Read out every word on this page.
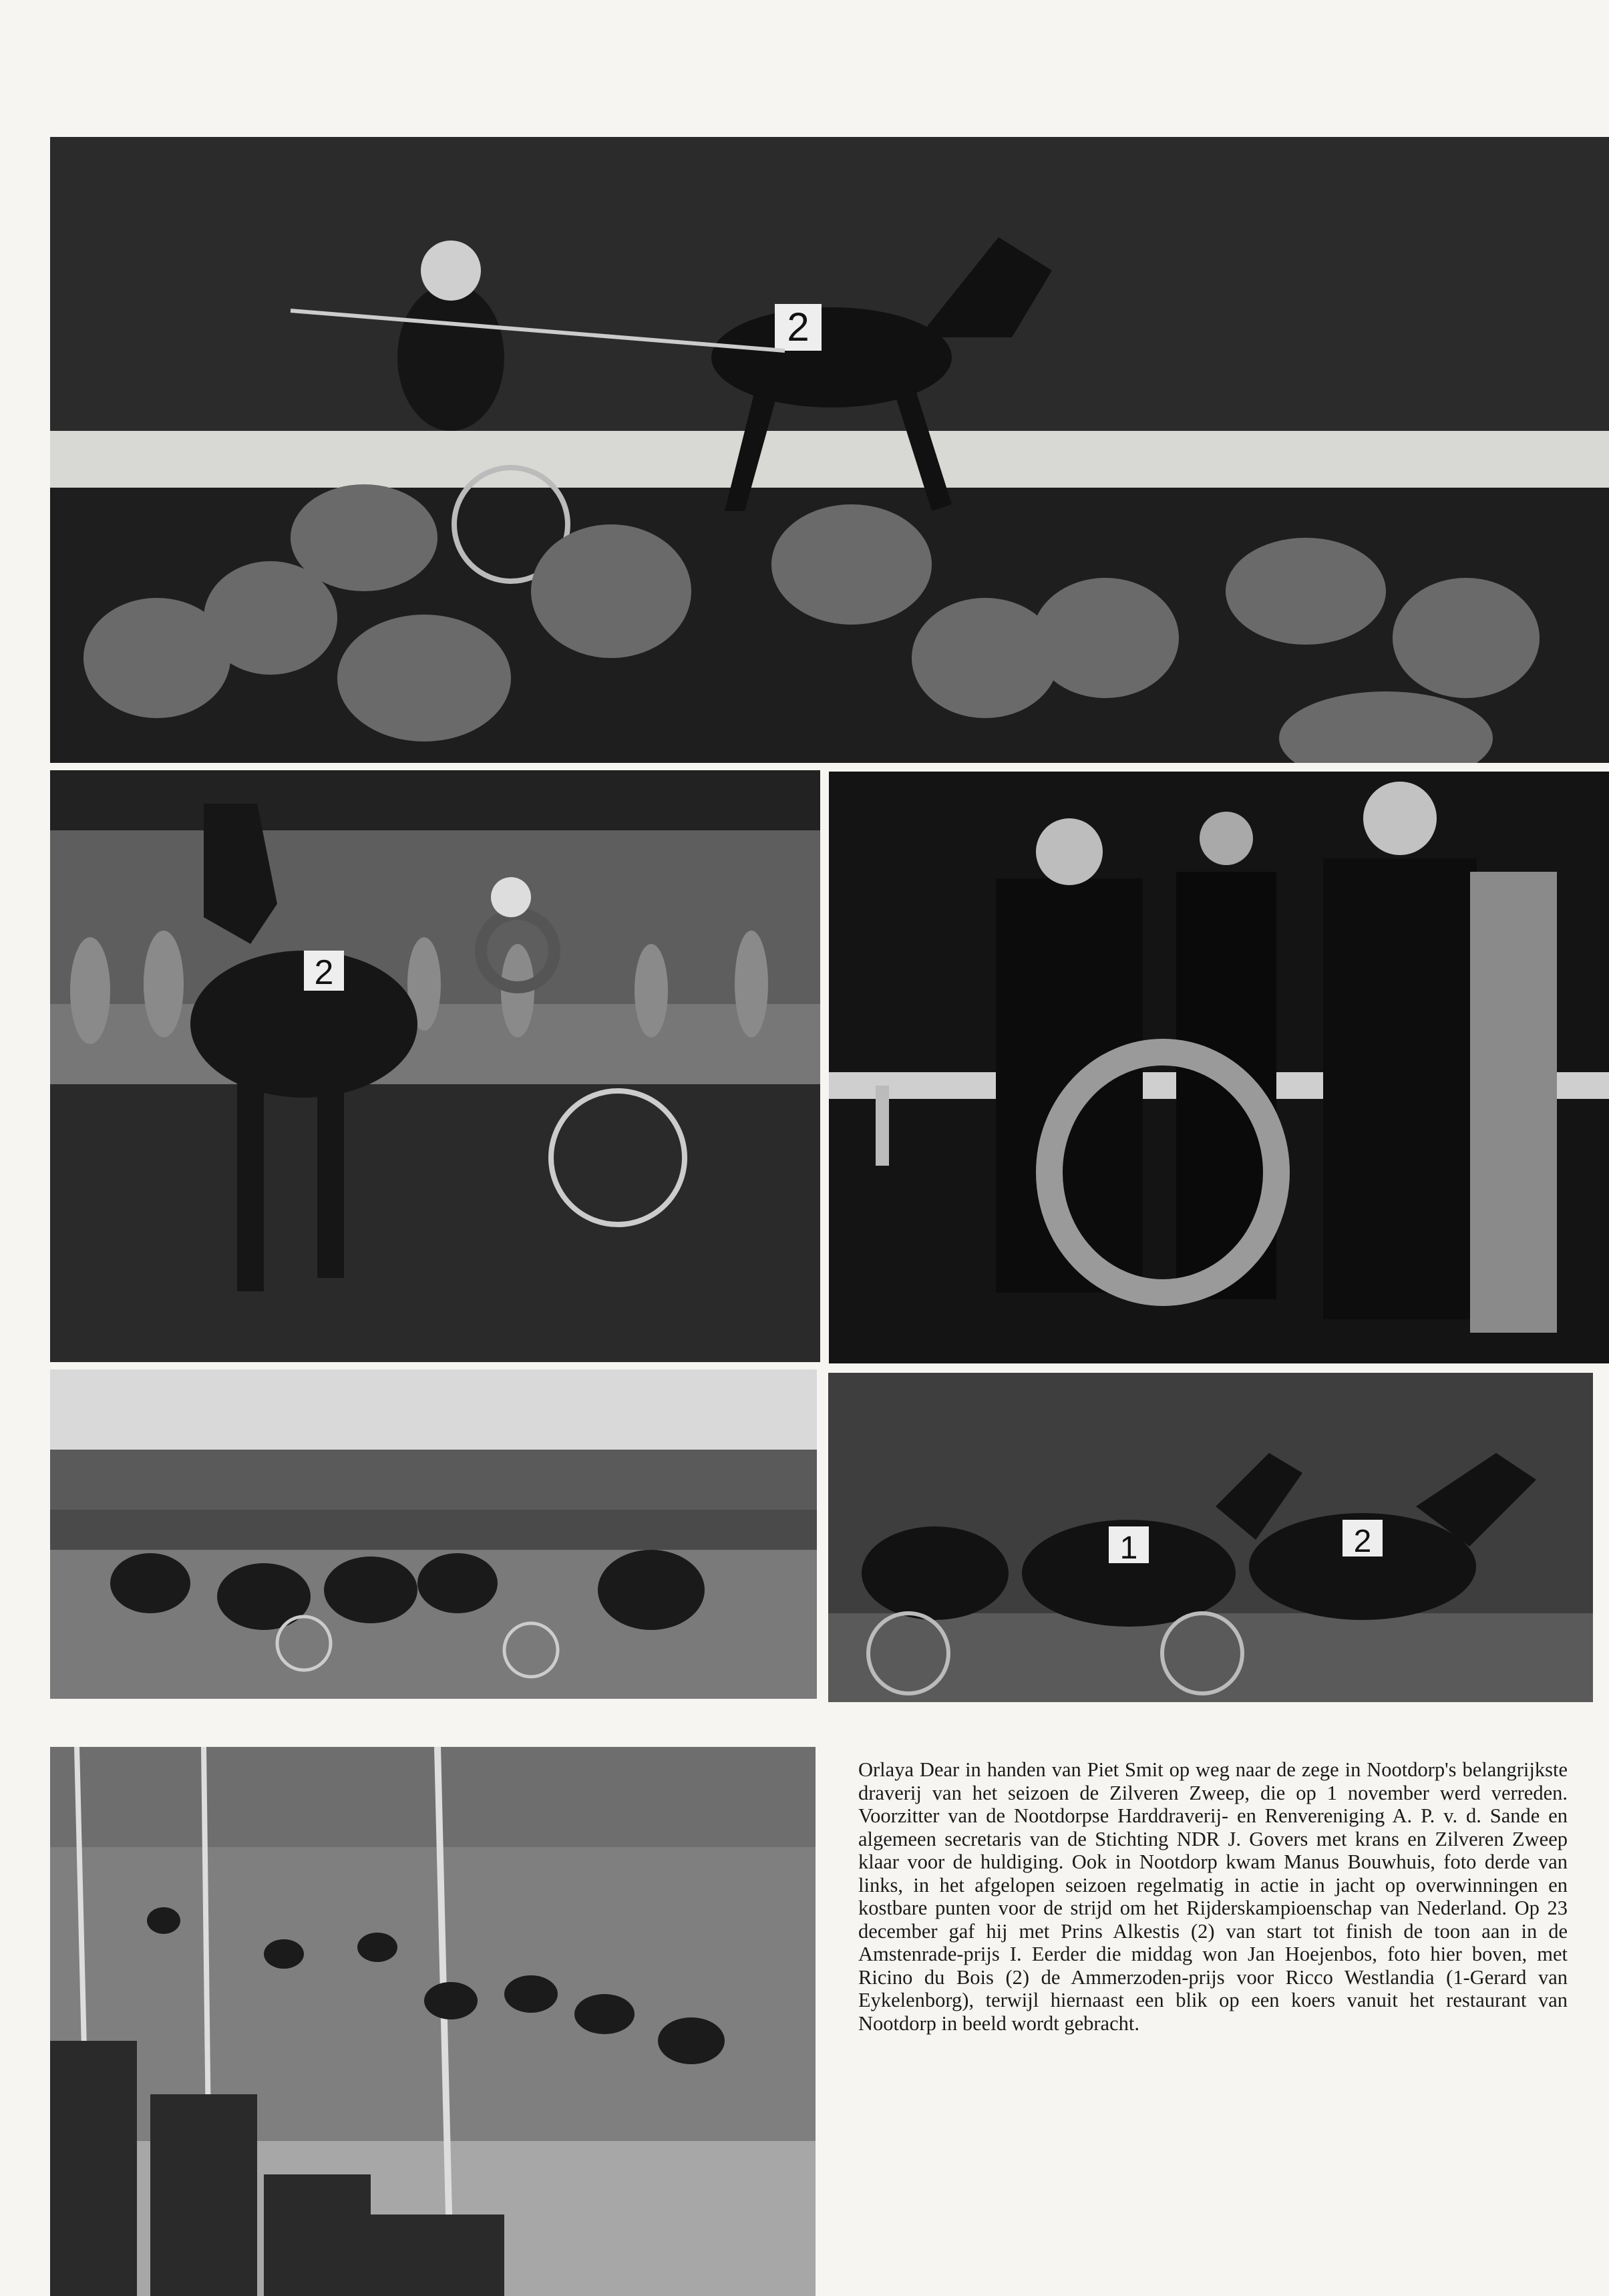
2
2
1	2

Orlaya Dear in handen van Piet Smit op weg naar de zege in Nootdorp's belangrijkste draverij van het seizoen de Zilveren Zweep, die op 1 november werd verreden. Voorzitter van de Nootdorpse Harddraverij- en Renvereniging A. P. v. d. Sande en algemeen secretaris van de Stichting NDR J. Govers met krans en Zilveren Zweep klaar voor de huldiging. Ook in Nootdorp kwam Manus Bouwhuis, foto derde van links, in het afgelopen seizoen regelmatig in actie in jacht op overwinningen en kostbare punten voor de strijd om het Rijderskampioenschap van Nederland. Op 23 december gaf hij met Prins Alkestis (2) van start tot finish de toon aan in de Amstenrade-prijs I. Eerder die middag won Jan Hoejenbos, foto hier boven, met Ricino du Bois (2) de Ammerzoden-prijs voor Ricco Westlandia (1-Gerard van Eykelenborg), terwijl hiernaast een blik op een koers vanuit het restaurant van Nootdorp in beeld wordt gebracht.
